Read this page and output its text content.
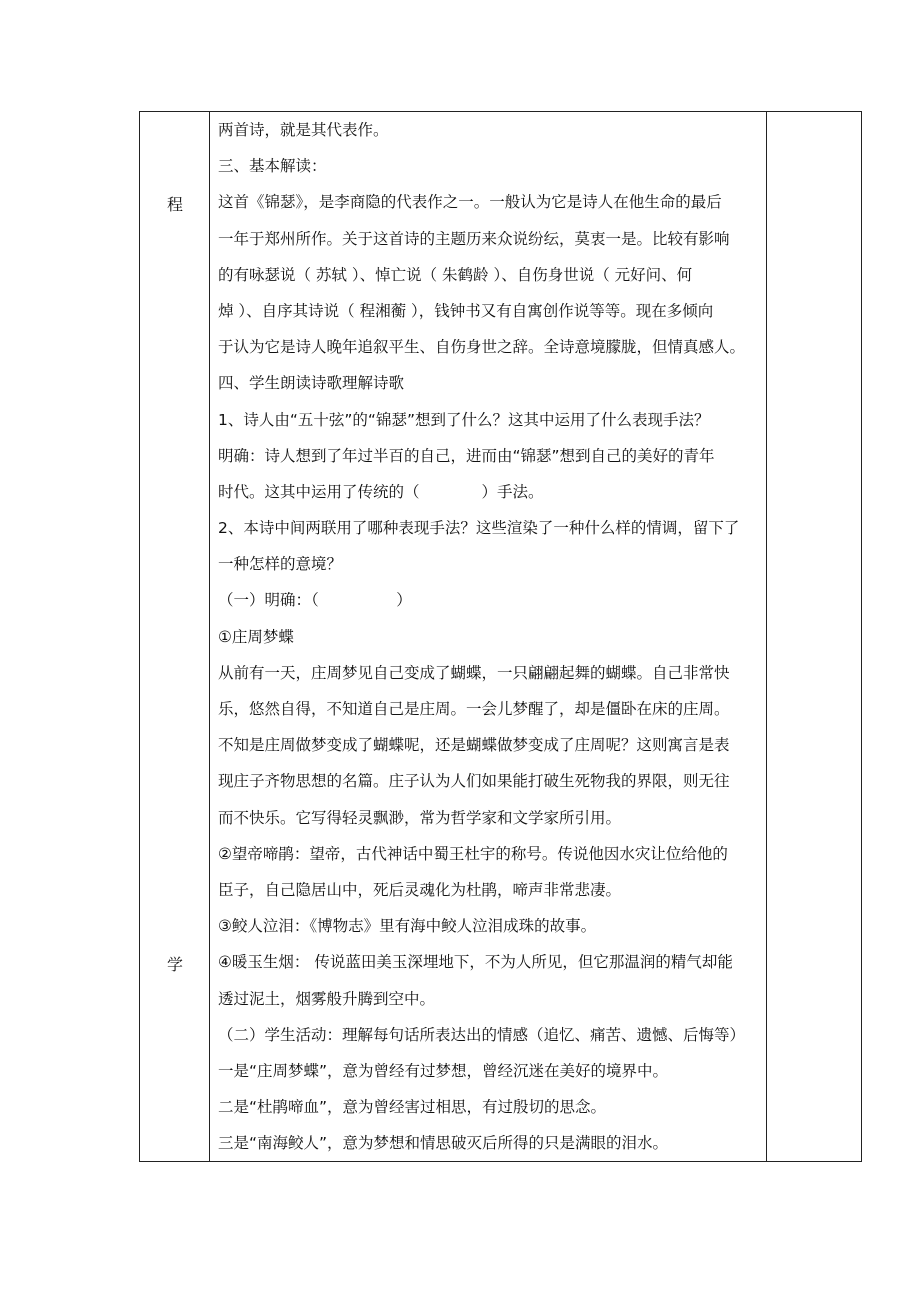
程
学
两首诗，就是其代表作。
三、基本解读：
这首《锦瑟》，是李商隐的代表作之一。一般认为它是诗人在他生命的最后
一年于郑州所作。关于这首诗的主题历来众说纷纭，莫衷一是。比较有影响
的有咏瑟说（ 苏轼 ）、悼亡说（ 朱鹤龄 ）、自伤身世说（ 元好问、何
焯 ）、自序其诗说（ 程湘蘅 ），钱钟书又有自寓创作说等等。现在多倾向
于认为它是诗人晚年追叙平生、自伤身世之辞。全诗意境朦胧，但情真感人。
四、学生朗读诗歌理解诗歌
1、诗人由“五十弦”的“锦瑟”想到了什么？这其中运用了什么表现手法？
明确：诗人想到了年过半百的自己，进而由“锦瑟”想到自己的美好的青年
时代。这其中运用了传统的（　　　　）手法。
2、本诗中间两联用了哪种表现手法？这些渲染了一种什么样的情调，留下了
一种怎样的意境？
（一）明确：（　　　　　）
①庄周梦蝶
从前有一天，庄周梦见自己变成了蝴蝶，一只翩翩起舞的蝴蝶。自己非常快
乐，悠然自得，不知道自己是庄周。一会儿梦醒了，却是僵卧在床的庄周。
不知是庄周做梦变成了蝴蝶呢，还是蝴蝶做梦变成了庄周呢？这则寓言是表
现庄子齐物思想的名篇。庄子认为人们如果能打破生死物我的界限，则无往
而不快乐。它写得轻灵飘渺，常为哲学家和文学家所引用。
②望帝啼鹃：望帝，古代神话中蜀王杜宇的称号。传说他因水灾让位给他的
臣子，自己隐居山中，死后灵魂化为杜鹃，啼声非常悲凄。
③鲛人泣泪：《博物志》里有海中鲛人泣泪成珠的故事。
④暖玉生烟： 传说蓝田美玉深埋地下，不为人所见，但它那温润的精气却能
透过泥土，烟雾般升腾到空中。
（二）学生活动：理解每句话所表达出的情感（追忆、痛苦、遗憾、后悔等）
一是“庄周梦蝶”，意为曾经有过梦想，曾经沉迷在美好的境界中。
二是“杜鹃啼血”，意为曾经害过相思，有过殷切的思念。
三是“南海鲛人”，意为梦想和情思破灭后所得的只是满眼的泪水。
